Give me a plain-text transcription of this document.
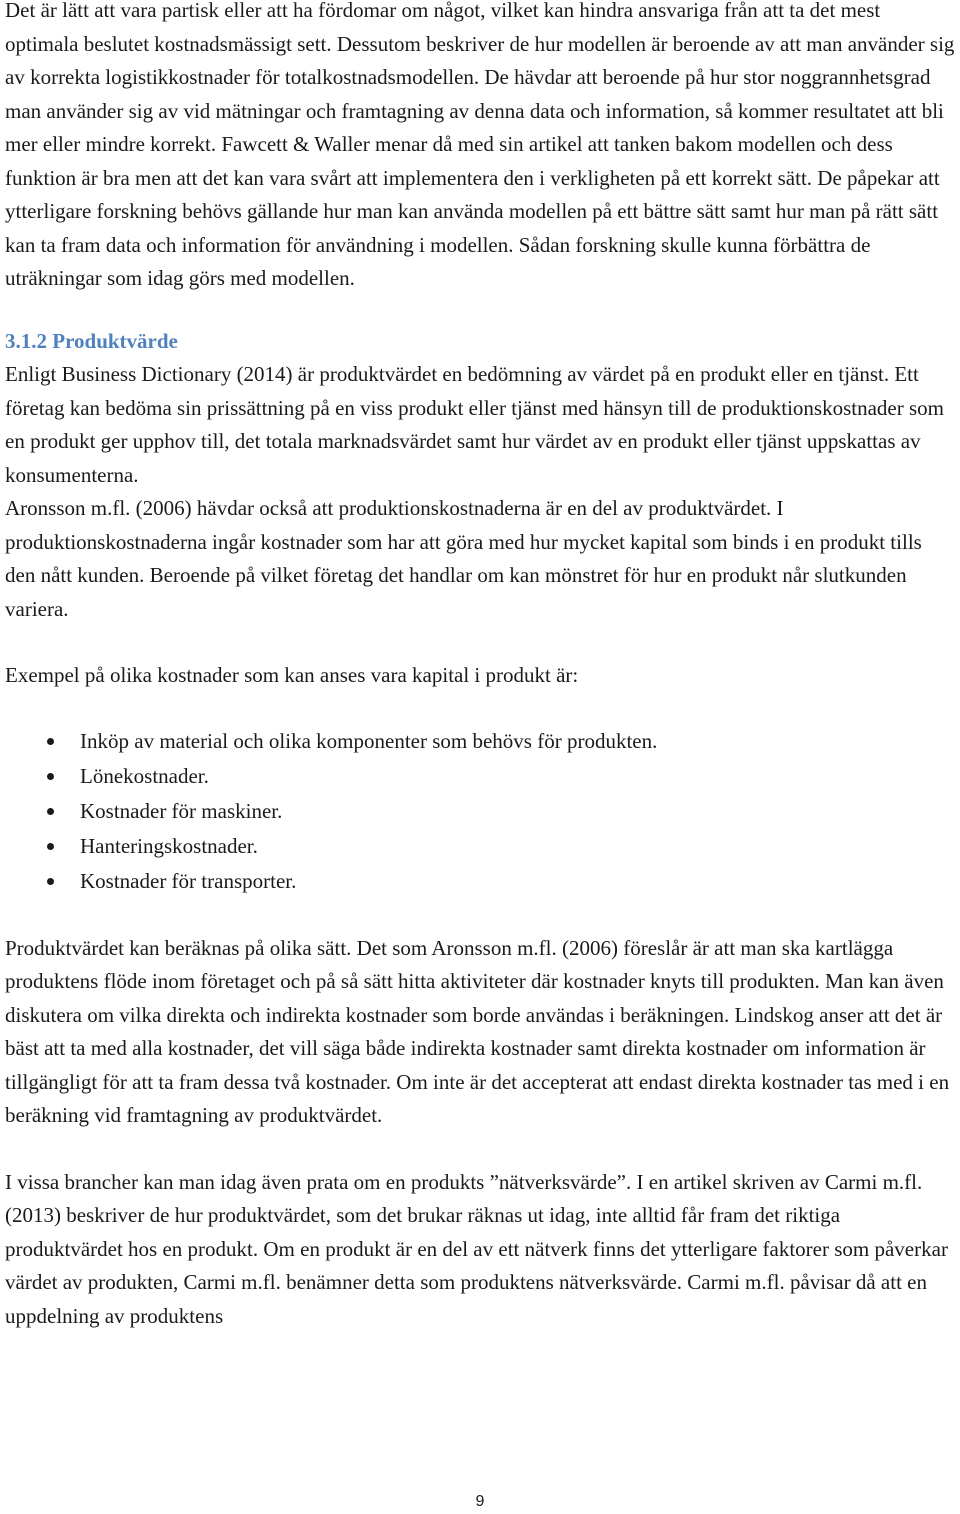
Det är lätt att vara partisk eller att ha fördomar om något, vilket kan hindra ansvariga från att ta det mest optimala beslutet kostnadsmässigt sett. Dessutom beskriver de hur modellen är beroende av att man använder sig av korrekta logistikkostnader för totalkostnadsmodellen. De hävdar att beroende på hur stor noggrannhetsgrad man använder sig av vid mätningar och framtagning av denna data och information, så kommer resultatet att bli mer eller mindre korrekt. Fawcett & Waller menar då med sin artikel att tanken bakom modellen och dess funktion är bra men att det kan vara svårt att implementera den i verkligheten på ett korrekt sätt. De påpekar att ytterligare forskning behövs gällande hur man kan använda modellen på ett bättre sätt samt hur man på rätt sätt kan ta fram data och information för användning i modellen. Sådan forskning skulle kunna förbättra de uträkningar som idag görs med modellen.

3.1.2 Produktvärde

Enligt Business Dictionary (2014) är produktvärdet en bedömning av värdet på en produkt eller en tjänst. Ett företag kan bedöma sin prissättning på en viss produkt eller tjänst med hänsyn till de produktionskostnader som en produkt ger upphov till, det totala marknadsvärdet samt hur värdet av en produkt eller tjänst uppskattas av konsumenterna.

Aronsson m.fl. (2006) hävdar också att produktionskostnaderna är en del av produktvärdet. I produktionskostnaderna ingår kostnader som har att göra med hur mycket kapital som binds i en produkt tills den nått kunden. Beroende på vilket företag det handlar om kan mönstret för hur en produkt når slutkunden variera.

Exempel på olika kostnader som kan anses vara kapital i produkt är:

Inköp av material och olika komponenter som behövs för produkten.
Lönekostnader.
Kostnader för maskiner.
Hanteringskostnader.
Kostnader för transporter.

Produktvärdet kan beräknas på olika sätt. Det som Aronsson m.fl. (2006) föreslår är att man ska kartlägga produktens flöde inom företaget och på så sätt hitta aktiviteter där kostnader knyts till produkten. Man kan även diskutera om vilka direkta och indirekta kostnader som borde användas i beräkningen. Lindskog anser att det är bäst att ta med alla kostnader, det vill säga både indirekta kostnader samt direkta kostnader om information är tillgängligt för att ta fram dessa två kostnader. Om inte är det accepterat att endast direkta kostnader tas med i en beräkning vid framtagning av produktvärdet.

I vissa brancher kan man idag även prata om en produkts ”nätverksvärde”. I en artikel skriven av Carmi m.fl. (2013) beskriver de hur produktvärdet, som det brukar räknas ut idag, inte alltid får fram det riktiga produktvärdet hos en produkt. Om en produkt är en del av ett nätverk finns det ytterligare faktorer som påverkar värdet av produkten, Carmi m.fl. benämner detta som produktens nätverksvärde. Carmi m.fl. påvisar då att en uppdelning av produktens

9
